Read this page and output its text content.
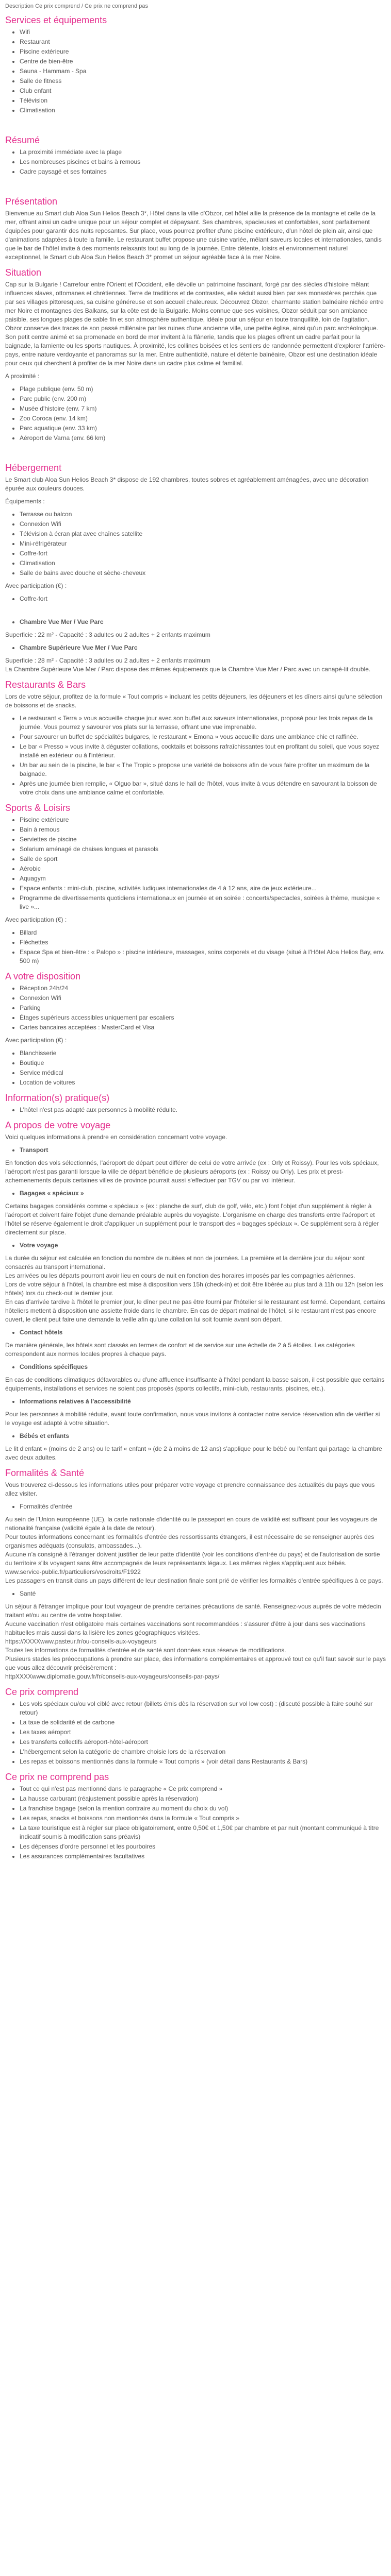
Description Ce prix comprend / Ce prix ne comprend pas
Services et équipements
• Wifi
• Restaurant
• Piscine extérieure
• Centre de bien-être
• Sauna - Hammam - Spa
• Salle de fitness
• Club enfant
• Télévision
• Climatisation
Résumé
• La proximité immédiate avec la plage
• Les nombreuses piscines et bains à remous
• Cadre paysagé et ses fontaines
Présentation

Bienvenue au Smart club Aloa Sun Helios Beach 3*, Hôtel dans la ville d'Obzor, cet hôtel allie la présence de la montagne et celle de la mer, offrant ainsi un cadre unique pour un séjour complet et dépaysant. Ses chambres, spacieuses et confortables, sont parfaitement équipées pour garantir des nuits reposantes. Sur place, vous pourrez profiter d'une piscine extérieure, d'un hôtel de plein air, ainsi que d'animations adaptées à toute la famille. Le restaurant buffet propose une cuisine variée, mêlant saveurs locales et internationales, tandis que le bar de l'hôtel invite à des moments relaxants tout au long de la journée. Entre détente, loisirs et environnement naturel exceptionnel, le Smart club Aloa Sun Helios Beach 3* promet un séjour agréable face à la mer Noire.

Situation

Cap sur la Bulgarie ! Carrefour entre l'Orient et l'Occident, elle dévoile un patrimoine fascinant, forgé par des siècles d'histoire mêlant influences slaves, ottomanes et chrétiennes. Terre de traditions et de contrastes, elle séduit aussi bien par ses monastères perchés que par ses villages pittoresques, sa cuisine généreuse et son accueil chaleureux. Découvrez Obzor, charmante station balnéaire nichée entre mer Noire et montagnes des Balkans, sur la côte est de la Bulgarie. Moins connue que ses voisines, Obzor séduit par son ambiance paisible, ses longues plages de sable fin et son atmosphère authentique, idéale pour un séjour en toute tranquillité, loin de l'agitation. Obzor conserve des traces de son passé millénaire par les ruines d'une ancienne ville, une petite église, ainsi qu'un parc archéologique. Son petit centre animé et sa promenade en bord de mer invitent à la flânerie, tandis que les plages offrent un cadre parfait pour la baignade, la farniente ou les sports nautiques. À proximité, les collines boisées et les sentiers de randonnée permettent d'explorer l'arrière-pays, entre nature verdoyante et panoramas sur la mer. Entre authenticité, nature et détente balnéaire, Obzor est une destination idéale pour ceux qui cherchent à profiter de la mer Noire dans un cadre plus calme et familial.

A proximité :

• Plage publique (env. 50 m)
• Parc public (env. 200 m)
• Musée d'histoire (env. 7 km)
• Zoo Coroca (env. 14 km)
• Parc aquatique (env. 33 km)
• Aéroport de Varna (env. 66 km)
Hébergement

Le Smart club Aloa Sun Helios Beach 3* dispose de 192 chambres, toutes sobres et agréablement aménagées, avec une décoration épurée aux couleurs douces.

Équipements :

• Terrasse ou balcon
• Connexion Wifi
• Télévision à écran plat avec chaînes satellite
• Mini-réfrigérateur
• Coffre-fort
• Climatisation
• Salle de bains avec douche et sèche-cheveux

Avec participation (€) :

• Coffre-fort
• Chambre Vue Mer / Vue Parc

Superficie : 22 m² - Capacité : 3 adultes ou 2 adultes + 2 enfants maximum

• Chambre Supérieure Vue Mer / Vue Parc

Superficie : 28 m² - Capacité : 3 adultes ou 2 adultes + 2 enfants maximum
La Chambre Supérieure Vue Mer / Parc dispose des mêmes équipements que la Chambre Vue Mer / Parc avec un canapé-lit double.

Restaurants & Bars

Lors de votre séjour, profitez de la formule « Tout compris » incluant les petits déjeuners, les déjeuners et les dîners ainsi qu'une sélection de boissons et de snacks.

• Le restaurant « Terra » vous accueille chaque jour avec son buffet aux saveurs internationales, proposé pour les trois repas de la journée. Vous pourrez y savourer vos plats sur la terrasse, offrant une vue imprenable.
• Pour savourer un buffet de spécialités bulgares, le restaurant « Emona » vous accueille dans une ambiance chic et raffinée.
• Le bar « Presso » vous invite à déguster collations, cocktails et boissons rafraîchissantes tout en profitant du soleil, que vous soyez installé en extérieur ou à l'intérieur.
• Un bar au sein de la piscine, le bar « The Tropic » propose une variété de boissons afin de vous faire profiter un maximum de la baignade.
• Après une journée bien remplie, « Olguo bar », situé dans le hall de l'hôtel, vous invite à vous détendre en savourant la boisson de votre choix dans une ambiance calme et confortable.
Sports & Loisirs
• Piscine extérieure
• Bain à remous
• Serviettes de piscine
• Solarium aménagé de chaises longues et parasols
• Salle de sport
• Aérobic
• Aquagym
• Espace enfants : mini-club, piscine, activités ludiques internationales de 4 à 12 ans, aire de jeux extérieure...
• Programme de divertissements quotidiens internationaux en journée et en soirée : concerts/spectacles, soirées à thème, musique « live »...

Avec participation (€) :

• Billard
• Fléchettes
• Espace Spa et bien-être : « Palopo » : piscine intérieure, massages, soins corporels et du visage (situé à l'Hôtel Aloa Helios Bay, env. 500 m)
A votre disposition
• Réception 24h/24
• Connexion Wifi
• Parking
• Étages supérieurs accessibles uniquement par escaliers
• Cartes bancaires acceptées : MasterCard et Visa

Avec participation (€) :

• Blanchisserie
• Boutique
• Service médical
• Location de voitures
Information(s) pratique(s)
• L'hôtel n'est pas adapté aux personnes à mobilité réduite.
A propos de votre voyage

Voici quelques informations à prendre en considération concernant votre voyage.

• Transport

En fonction des vols sélectionnés, l'aéroport de départ peut différer de celui de votre arrivée (ex : Orly et Roissy). Pour les vols spéciaux, l'aéroport n'est pas garanti lorsque la ville de départ bénéficie de plusieurs aéroports (ex : Roissy ou Orly). Les prix et prest- achemenements depuis certaines villes de province pourrait aussi s'effectuer par TGV ou par vol intérieur.

• Bagages « spéciaux »

Certains bagages considérés comme « spéciaux » (ex : planche de surf, club de golf, vélo, etc.) font l'objet d'un supplément à régler à l'aéroport et doivent faire l'objet d'une demande préalable auprès du voyagiste. L'organisme en charge des transferts entre l'aéroport et l'hôtel se réserve également le droit d'appliquer un supplément pour le transport des « bagages spéciaux ». Ce supplément sera à régler directement sur place.

• Votre voyage

La durée du séjour est calculée en fonction du nombre de nuitées et non de journées. La première et la dernière jour du séjour sont consacrés au transport international.
Les arrivées ou les départs pourront avoir lieu en cours de nuit en fonction des horaires imposés par les compagnies aériennes.
Lors de votre séjour à l'hôtel, la chambre est mise à disposition vers 15h (check-in) et doit être libérée au plus tard à 11h ou 12h (selon les hôtels) lors du check-out le dernier jour.
En cas d'arrivée tardive à l'hôtel le premier jour, le dîner peut ne pas être fourni par l'hôtelier si le restaurant est fermé. Cependant, certains hôteliers mettent à disposition une assiette froide dans le chambre. En cas de départ matinal de l'hôtel, si le restaurant n'est pas encore ouvert, le client peut faire une demande la veille afin qu'une collation lui soit fournie avant son départ.

• Contact hôtels

De manière générale, les hôtels sont classés en termes de confort et de service sur une échelle de 2 à 5 étoiles. Les catégories correspondent aux normes locales propres à chaque pays.

• Conditions spécifiques

En cas de conditions climatiques défavorables ou d'une affluence insuffisante à l'hôtel pendant la basse saison, il est possible que certains équipements, installations et services ne soient pas proposés (sports collectifs, mini-club, restaurants, piscines, etc.).

• Informations relatives à l'accessibilité

Pour les personnes à mobilité réduite, avant toute confirmation, nous vous invitons à contacter notre service réservation afin de vérifier si le voyage est adapté à votre situation.

• Bébés et enfants

Le lit d'enfant » (moins de 2 ans) ou le tarif « enfant » (de 2 à moins de 12 ans) s'applique pour le bébé ou l'enfant qui partage la chambre avec deux adultes.

Formalités & Santé

Vous trouverez ci-dessous les informations utiles pour préparer votre voyage et prendre connaissance des actualités du pays que vous allez visiter.

• Formalités d'entrée

Au sein de l'Union européenne (UE), la carte nationale d'identité ou le passeport en cours de validité est suffisant pour les voyageurs de nationalité française (validité égale à la date de retour).
Pour toutes informations concernant les formalités d'entrée des ressortissants étrangers, il est nécessaire de se renseigner auprès des organismes adéquats (consulats, ambassades...).
Aucune n'a consigné à l'étranger doivent justifier de leur patte d'identité (voir les conditions d'entrée du pays) et de l'autorisation de sortie du territoire s'ils voyagent sans être accompagnés de leurs représentants légaux. Les mêmes règles s'appliquent aux bébés.
www.service-public.fr/particuliers/vosdroits/F1922
Les passagers en transit dans un pays différent de leur destination finale sont prié de vérifier les formalités d'entrée spécifiques à ce pays.

• Santé

Un séjour à l'étranger implique pour tout voyageur de prendre certaines précautions de santé. Renseignez-vous auprès de votre médecin traitant et/ou au centre de votre hospitalier.
Aucune vaccination n'est obligatoire mais certaines vaccinations sont recommandées : s'assurer d'être à jour dans ses vaccinations habituelles mais aussi dans la lisière les zones géographiques visitées.
https://XXXXwww.pasteur.fr/ou-conseils-aux-voyageurs
Toutes les informations de formalités d'entrée et de santé sont données sous réserve de modifications.
Plusieurs stades les préoccupations à prendre sur place, des informations complémentaires et approuvé tout ce qu'il faut savoir sur le pays que vous allez découvrir précisèrement :
httpXXXXwww.diplomatie.gouv.fr/fr/conseils-aux-voyageurs/conseils-par-pays/

Ce prix comprend
• Les vols spéciaux ou/ou vol ciblé avec retour (billets émis dès la réservation sur vol low cost) : (discuté possible à faire souhé sur retour)
• La taxe de solidarité et de carbone
• Les taxes aéroport
• Les transferts collectifs aéroport-hôtel-aéroport
• L'hébergement selon la catégorie de chambre choisie lors de la réservation
• Les repas et boissons mentionnés dans la formule « Tout compris » (voir détail dans Restaurants & Bars)
Ce prix ne comprend pas
• Tout ce qui n'est pas mentionné dans le paragraphe « Ce prix comprend »
• La hausse carburant (réajustement possible après la réservation)
• La franchise bagage (selon la mention contraire au moment du choix du vol)
• Les repas, snacks et boissons non mentionnés dans la formule « Tout compris »
• La taxe touristique est à régler sur place obligatoirement, entre 0,50€ et 1,50€ par chambre et par nuit (montant communiqué à titre indicatif soumis à modification sans préavis)
• Les dépenses d'ordre personnel et les pourboires
• Les assurances complémentaires facultatives
